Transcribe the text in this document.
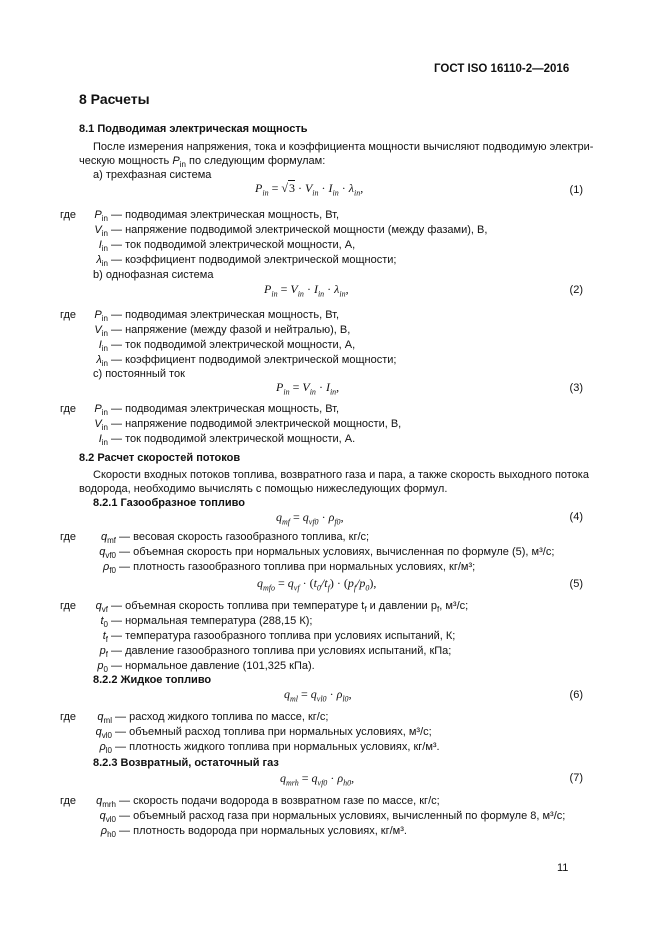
ГОСТ ISO 16110-2—2016
8 Расчеты
8.1 Подводимая электрическая мощность
После измерения напряжения, тока и коэффициента мощности вычисляют подводимую электри-
ческую мощность $P_{in}$ по следующим формулам:
а) трехфазная система
$P_{in} = √3 \cdot V_{in} \cdot I_{in} \cdot \lambda_{in}$,	(1)
гдеP$_{in}$ — подводимая электрическая мощность, Вт,
$V_{in}$ — напряжение подводимой электрической мощности (между фазами), В,
$I_{in}$ — ток подводимой электрической мощности, А,
$\lambda_{in}$ — коэффициент подводимой электрической мощности;
b) однофазная система
$P_{in} = V_{in} \cdot I_{in} \cdot \lambda_{in}$,	(2)
гдеP$_{in}$ — подводимая электрическая мощность, Вт,
$V_{in}$ — напряжение (между фазой и нейтралью), В,
$I_{in}$ — ток подводимой электрической мощности, А,
$\lambda_{in}$ — коэффициент подводимой электрической мощности;
с) постоянный ток
$P_{in} = V_{in} \cdot I_{in}$,	(3)
гдеP$_{in}$ — подводимая электрическая мощность, Вт,
$V_{in}$ — напряжение подводимой электрической мощности, В,
$I_{in}$ — ток подводимой электрической мощности, А.
8.2 Расчет скоростей потоков
Скорости входных потоков топлива, возвратного газа и пара, а также скорость выходного потока
водорода, необходимо вычислять с помощью нижеследующих формул.
8.2.1 Газообразное топливо
$q_{mf} = q_{vf0} \cdot \rho_{f0}$,	(4)
гдеq$_{mf}$ — весовая скорость газообразного топлива, кг/с;
$q_{vf0}$ — объемная скорость при нормальных условиях, вычисленная по формуле (5), м³/с;
$\rho_{f0}$ — плотность газообразного топлива при нормальных условиях, кг/м³;
$q_{mfo} = q_{vf} \cdot (t_0/t_f) \cdot (p_f/p_0)$,	(5)
гдеq$_{vf}$ — объемная скорость топлива при температуре $t_f$ и давлении $p_f$, м³/с;
$t_0$ — нормальная температура (288,15 К);
$t_f$ — температура газообразного топлива при условиях испытаний, К;
$p_f$ — давление газообразного топлива при условиях испытаний, кПа;
$p_0$ — нормальное давление (101,325 кПа).
8.2.2 Жидкое топливо
$q_{ml} = q_{vl0} \cdot \rho_{l0}$,	(6)
гдеq$_{ml}$ — расход жидкого топлива по массе, кг/с;
$q_{vl0}$ — объемный расход топлива при нормальных условиях, м³/с;
$\rho_{l0}$ — плотность жидкого топлива при нормальных условиях, кг/м³.
8.2.3 Возвратный, остаточный газ
$q_{mrh} = q_{vf0} \cdot \rho_{h0}$,	(7)
гдеq$_{mrh}$ — скорость подачи водорода в возвратном газе по массе, кг/с;
$q_{vl0}$ — объемный расход газа при нормальных условиях, вычисленный по формуле 8, м³/с;
$\rho_{h0}$ — плотность водорода при нормальных условиях, кг/м³.
11
